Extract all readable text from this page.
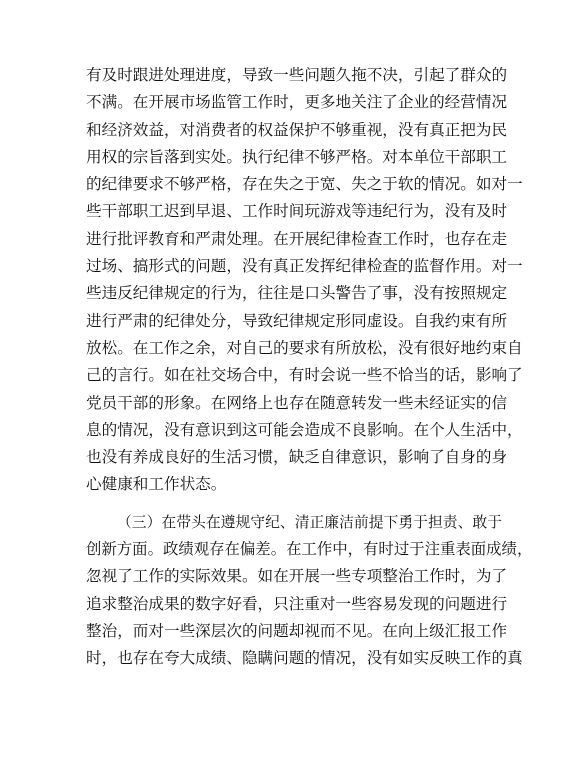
有及时跟进处理进度，导致一些问题久拖不决，引起了群众的
不满。在开展市场监管工作时，更多地关注了企业的经营情况
和经济效益，对消费者的权益保护不够重视，没有真正把为民
用权的宗旨落到实处。执行纪律不够严格。对本单位干部职工
的纪律要求不够严格，存在失之于宽、失之于软的情况。如对一
些干部职工迟到早退、工作时间玩游戏等违纪行为，没有及时
进行批评教育和严肃处理。在开展纪律检查工作时，也存在走
过场、搞形式的问题，没有真正发挥纪律检查的监督作用。对一
些违反纪律规定的行为，往往是口头警告了事，没有按照规定
进行严肃的纪律处分，导致纪律规定形同虚设。自我约束有所
放松。在工作之余，对自己的要求有所放松，没有很好地约束自
己的言行。如在社交场合中，有时会说一些不恰当的话，影响了
党员干部的形象。在网络上也存在随意转发一些未经证实的信
息的情况，没有意识到这可能会造成不良影响。在个人生活中，
也没有养成良好的生活习惯，缺乏自律意识，影响了自身的身
心健康和工作状态。
（三）在带头在遵规守纪、清正廉洁前提下勇于担责、敢于
创新方面。政绩观存在偏差。在工作中，有时过于注重表面成绩，
忽视了工作的实际效果。如在开展一些专项整治工作时，为了
追求整治成果的数字好看，只注重对一些容易发现的问题进行
整治，而对一些深层次的问题却视而不见。在向上级汇报工作
时，也存在夸大成绩、隐瞒问题的情况，没有如实反映工作的真
